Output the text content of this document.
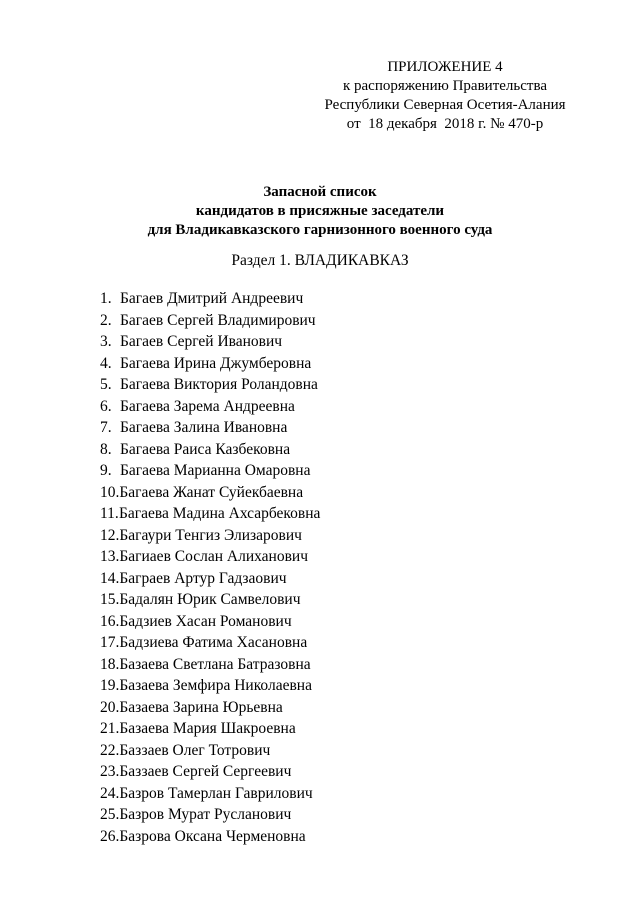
ПРИЛОЖЕНИЕ 4
к распоряжению Правительства
Республики Северная Осетия-Алания
от  18 декабря  2018 г. № 470-р
Запасной список
кандидатов в присяжные заседатели
для Владикавказского гарнизонного военного суда
Раздел 1. ВЛАДИКАВКАЗ
1. Багаев Дмитрий Андреевич
2. Багаев Сергей Владимирович
3. Багаев Сергей Иванович
4. Багаева Ирина Джумберовна
5. Багаева Виктория Роландовна
6. Багаева Зарема Андреевна
7. Багаева Залина Ивановна
8. Багаева Раиса Казбековна
9. Багаева Марианна Омаровна
10. Багаева Жанат Суйекбаевна
11. Багаева Мадина Ахсарбековна
12. Багаури Тенгиз Элизарович
13. Багиаев Сослан Алиханович
14. Баграев Артур Гадзаович
15. Бадалян Юрик Самвелович
16. Бадзиев Хасан Романович
17. Бадзиева Фатима Хасановна
18. Базаева Светлана Батразовна
19. Базаева Земфира Николаевна
20. Базаева Зарина Юрьевна
21. Базаева Мария Шакроевна
22. Баззаев Олег Тотрович
23. Баззаев Сергей Сергеевич
24. Базров Тамерлан Гаврилович
25. Базров Мурат Русланович
26. Базрова Оксана Черменовна
